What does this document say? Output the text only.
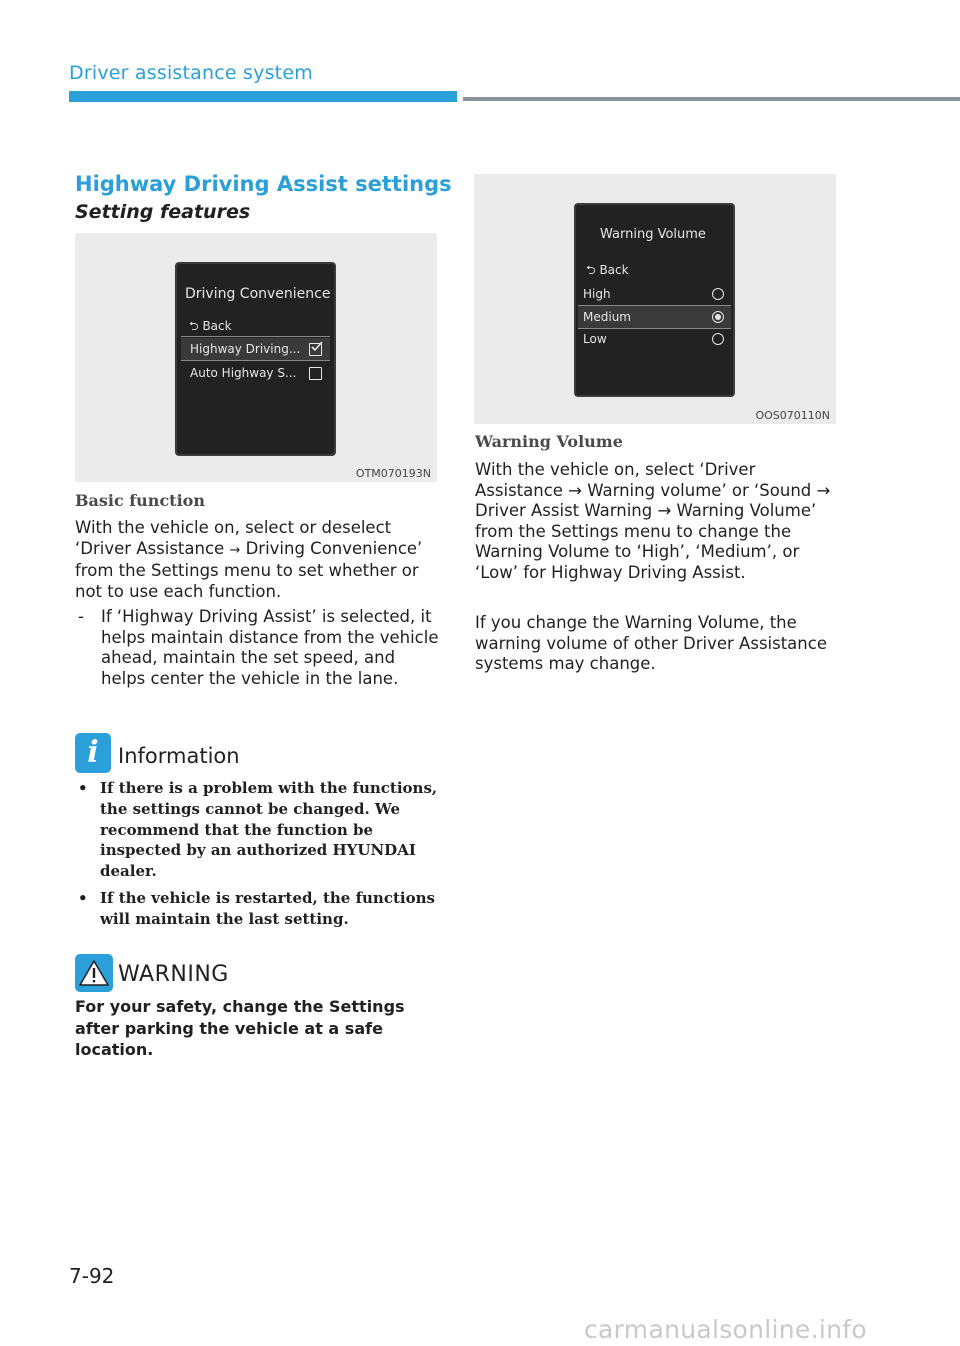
Driver assistance system
Highway Driving Assist settings
Setting features
Driving Convenience
⮌ Back
Highway Driving...
Auto Highway S...
OTM070193N
Basic function
With the vehicle on, select or deselect ‘Driver Assistance → Driving Convenience’ from the Settings menu to set whether or not to use each function.
- If ‘Highway Driving Assist’ is selected, it helps maintain distance from the vehicle ahead, maintain the set speed, and helps center the vehicle in the lane.
i Information
• If there is a problem with the functions, the settings cannot be changed. We recommend that the function be inspected by an authorized HYUNDAI dealer.
• If the vehicle is restarted, the functions will maintain the last setting.
WARNING
For your safety, change the Settings after parking the vehicle at a safe location.
Warning Volume
⮌ Back
High
Medium
Low
OOS070110N
Warning Volume
With the vehicle on, select ‘Driver Assistance → Warning volume’ or ‘Sound → Driver Assist Warning → Warning Volume’ from the Settings menu to change the Warning Volume to ‘High’, ‘Medium’, or ‘Low’ for Highway Driving Assist.
If you change the Warning Volume, the warning volume of other Driver Assistance systems may change.
7-92
carmanualsonline.info
